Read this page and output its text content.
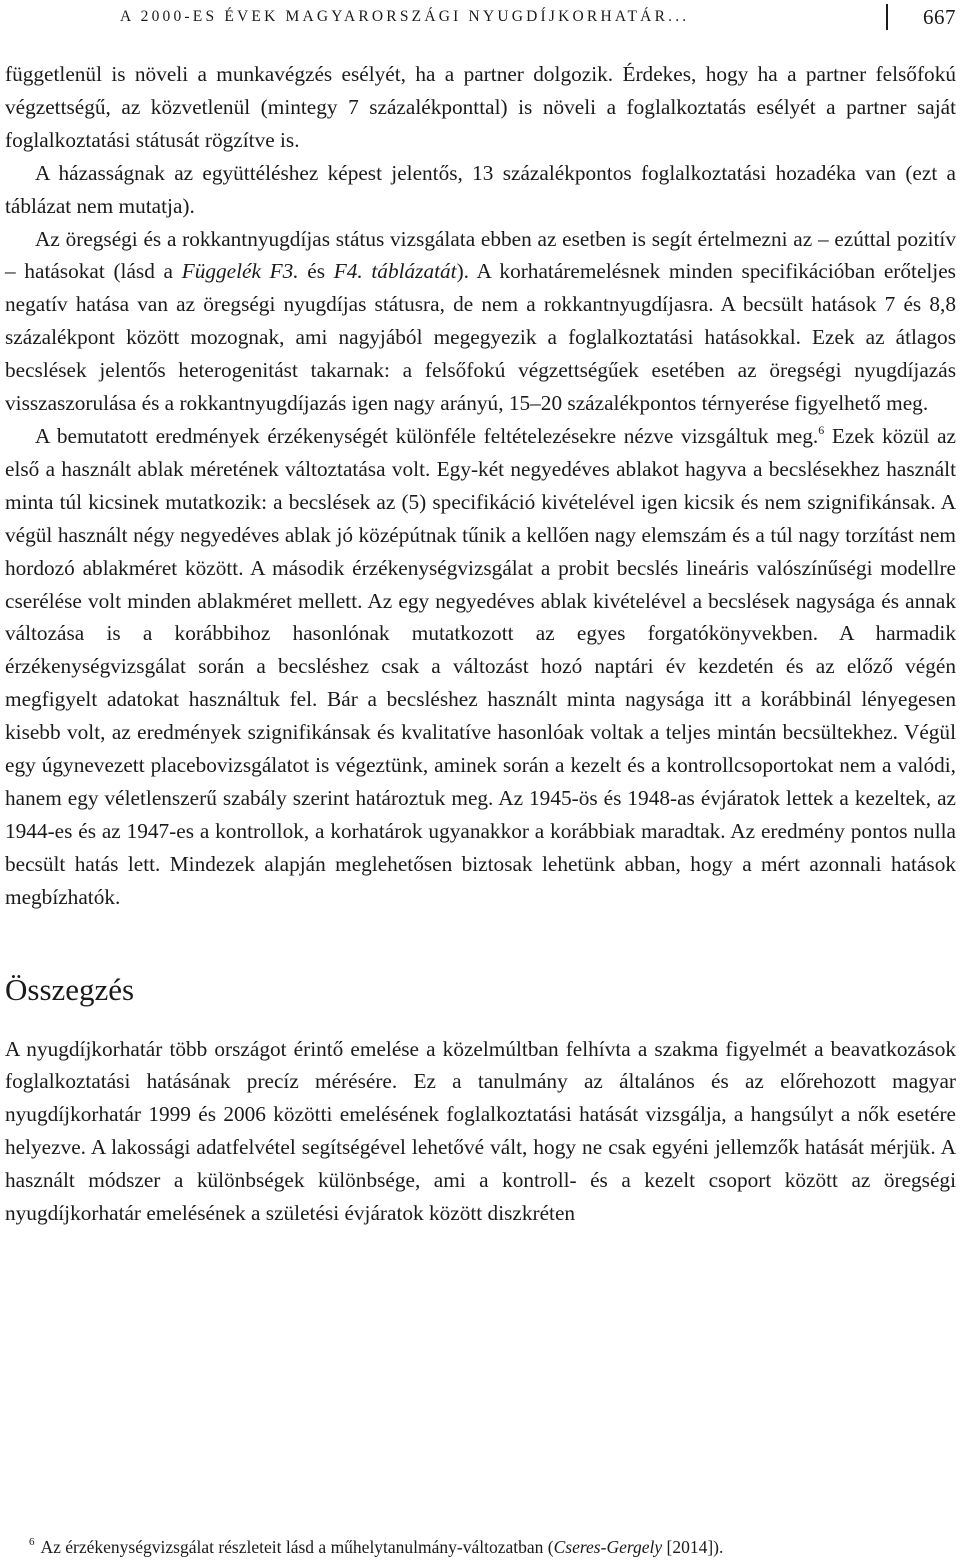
A 2000-ES ÉVEK MAGYARORSZÁGI NYUGDÍJKORHATÁR...	667

függetlenül is növeli a munkavégzés esélyét, ha a partner dolgozik. Érdekes, hogy ha a partner felsőfokú végzettségű, az közvetlenül (mintegy 7 százalékponttal) is növeli a foglalkoztatás esélyét a partner saját foglalkoztatási státusát rögzítve is.

A házasságnak az együttéléshez képest jelentős, 13 százalékpontos foglalkoztatási hozadéka van (ezt a táblázat nem mutatja).

Az öregségi és a rokkantnyugdíjas státus vizsgálata ebben az esetben is segít értelmezni az – ezúttal pozitív – hatásokat (lásd a Függelék F3. és F4. táblázatát). A korhatáremelésnek minden specifikációban erőteljes negatív hatása van az öregségi nyugdíjas státusra, de nem a rokkantnyugdíjasra. A becsült hatások 7 és 8,8 százalékpont között mozognak, ami nagyjából megegyezik a foglalkoztatási hatásokkal. Ezek az átlagos becslések jelentős heterogenitást takarnak: a felsőfokú végzettségűek esetében az öregségi nyugdíjazás visszaszorulása és a rokkantnyugdíjazás igen nagy arányú, 15–20 százalékpontos térnyerése figyelhető meg.

A bemutatott eredmények érzékenységét különféle feltételezésekre nézve vizsgáltuk meg.$^6$ Ezek közül az első a használt ablak méretének változtatása volt. Egy-két negyedéves ablakot hagyva a becslésekhez használt minta túl kicsinek mutatkozik: a becslések az (5) specifikáció kivételével igen kicsik és nem szignifikánsak. A végül használt négy negyedéves ablak jó középútnak tűnik a kellően nagy elemszám és a túl nagy torzítást nem hordozó ablakméret között. A második érzékenységvizsgálat a probit becslés lineáris valószínűségi modellre cserélése volt minden ablakméret mellett. Az egy negyedéves ablak kivételével a becslések nagysága és annak változása is a korábbihoz hasonlónak mutatkozott az egyes forgatókönyvekben. A harmadik érzékenységvizsgálat során a becsléshez csak a változást hozó naptári év kezdetén és az előző végén megfigyelt adatokat használtuk fel. Bár a becsléshez használt minta nagysága itt a korábbinál lényegesen kisebb volt, az eredmények szignifikánsak és kvalitatíve hasonlóak voltak a teljes mintán becsültekhez. Végül egy úgynevezett placebovizsgálatot is végeztünk, aminek során a kezelt és a kontrollcsoportokat nem a valódi, hanem egy véletlenszerű szabály szerint határoztuk meg. Az 1945-ös és 1948-as évjáratok lettek a kezeltek, az 1944-es és az 1947-es a kontrollok, a korhatárok ugyanakkor a korábbiak maradtak. Az eredmény pontos nulla becsült hatás lett. Mindezek alapján meglehetősen biztosak lehetünk abban, hogy a mért azonnali hatások megbízhatók.

Összegzés

A nyugdíjkorhatár több országot érintő emelése a közelmúltban felhívta a szakma figyelmét a beavatkozások foglalkoztatási hatásának precíz mérésére. Ez a tanulmány az általános és az előrehozott magyar nyugdíjkorhatár 1999 és 2006 közötti emelésének foglalkoztatási hatását vizsgálja, a hangsúlyt a nők esetére helyezve. A lakossági adatfelvétel segítségével lehetővé vált, hogy ne csak egyéni jellemzők hatását mérjük. A használt módszer a különbségek különbsége, ami a kontroll- és a kezelt csoport között az öregségi nyugdíjkorhatár emelésének a születési évjáratok között diszkréten

$^6$ Az érzékenységvizsgálat részleteit lásd a műhelytanulmány-változatban (Cseres-Gergely [2014]).
